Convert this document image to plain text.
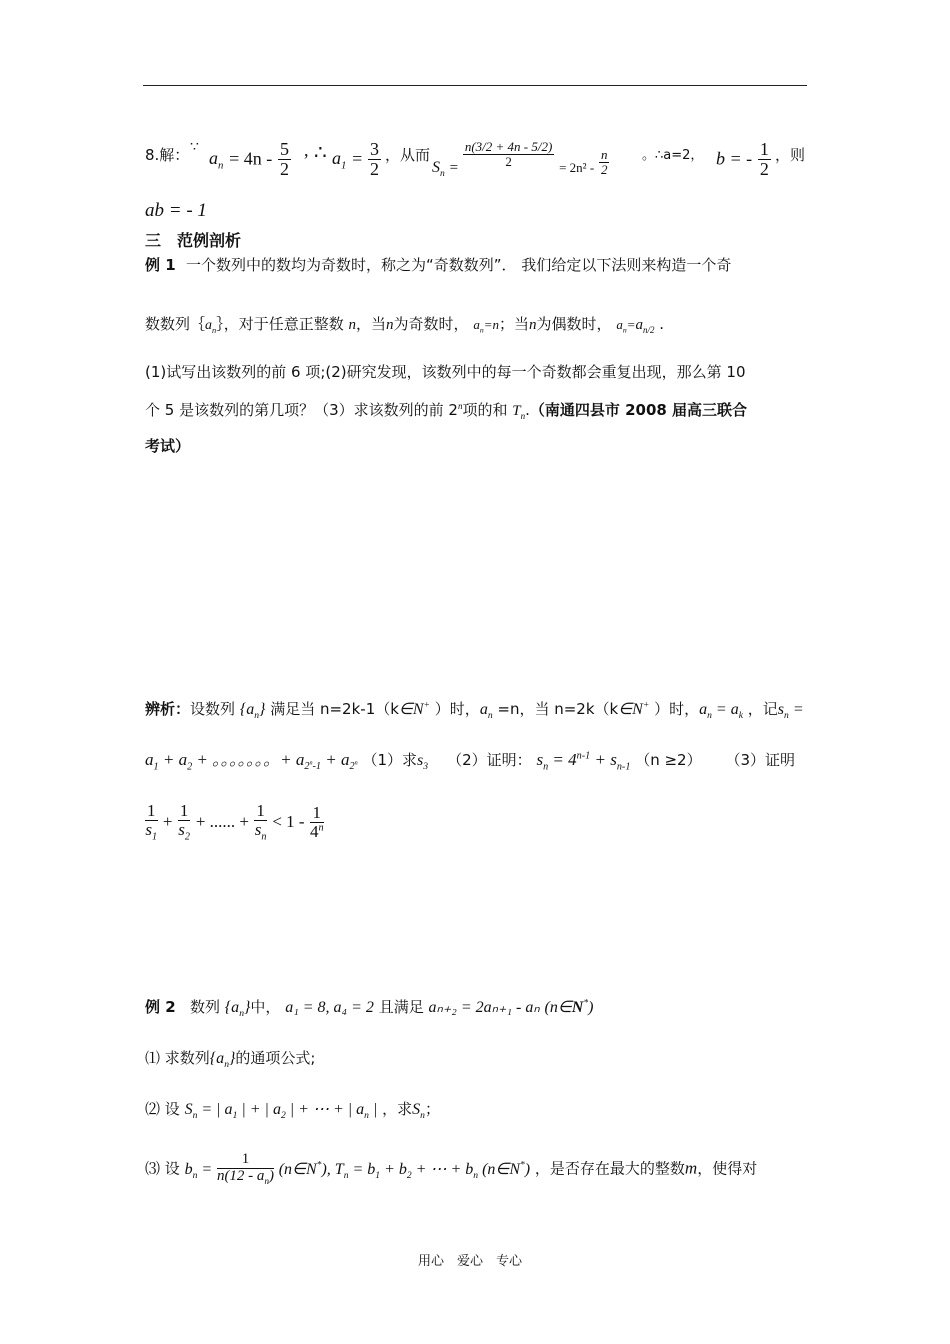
8.解： ∵
$a_n = 4n - \frac{5}{2}$ , ∴ $a_1 = \frac{3}{2}$ ，从而
$S_n = \frac{n(3/2 + 4n - 5/2)}{2} = 2n^2 - \frac{n}{2}$	。∴a=2， b = - $\frac{1}{2}$ ，则
ab = - 1
三　范例剖析
例 1 一个数列中的数均为奇数时，称之为“奇数数列”． 我们给定以下法则来构造一个奇
数数列$\{a_n\}$，对于任意正整数 n，当n为奇数时， $a_n=n$；当n为偶数时， $a_n=a_{n/2}$ .
(1)试写出该数列的前 6 项;(2)研究发现，该数列中的每一个奇数都会重复出现，那么第 10
个 5 是该数列的第几项？（3）求该数列的前 2$^n$项的和 $T_n$.（南通四县市 2008 届高三联合
考试）
辨析：设数列 $\{a_n\}$ 满足当 n=2k-1（k∈N+ ）时，$a_n =n$，当 n=2k（k∈N+ ）时，$a_n = a_k$ ，记$s_n$ =
$a_1 + a_2$ + 。。。。。。。+ $a_{2^n-1} + a_{2^n}$ （1）求$s_3$ （2）证明： $s_n = 4^{n-1} + s_{n-1}$ （n ≥2） （3）证明
$\frac{1}{s_1} + \frac{1}{s_2}$ + ...... + $\frac{1}{s_n} < 1 - \frac{1}{4^n}$
例 2 数列 $\{a_n\}$中， a₁ = 8, a₄ = 2 且满足 aₙ₊₂ = 2aₙ₊₁ - aₙ (n∈N*)
⑴ 求数列$\{a_n\}$的通项公式;
⑵ 设 $S_n$ = | $a_1$ | + | $a_2$ | + ⋯ + | $a_n$ | ，求$S_n$；
⑶ 设 $b_n = \frac{1}{n(12 - a_n)}$ (n∈N*), $T_n = b_1 + b_2$ + ⋯ + $b_n$ (n∈N*) ，是否存在最大的整数m，使得对
用心　爱心　专心
